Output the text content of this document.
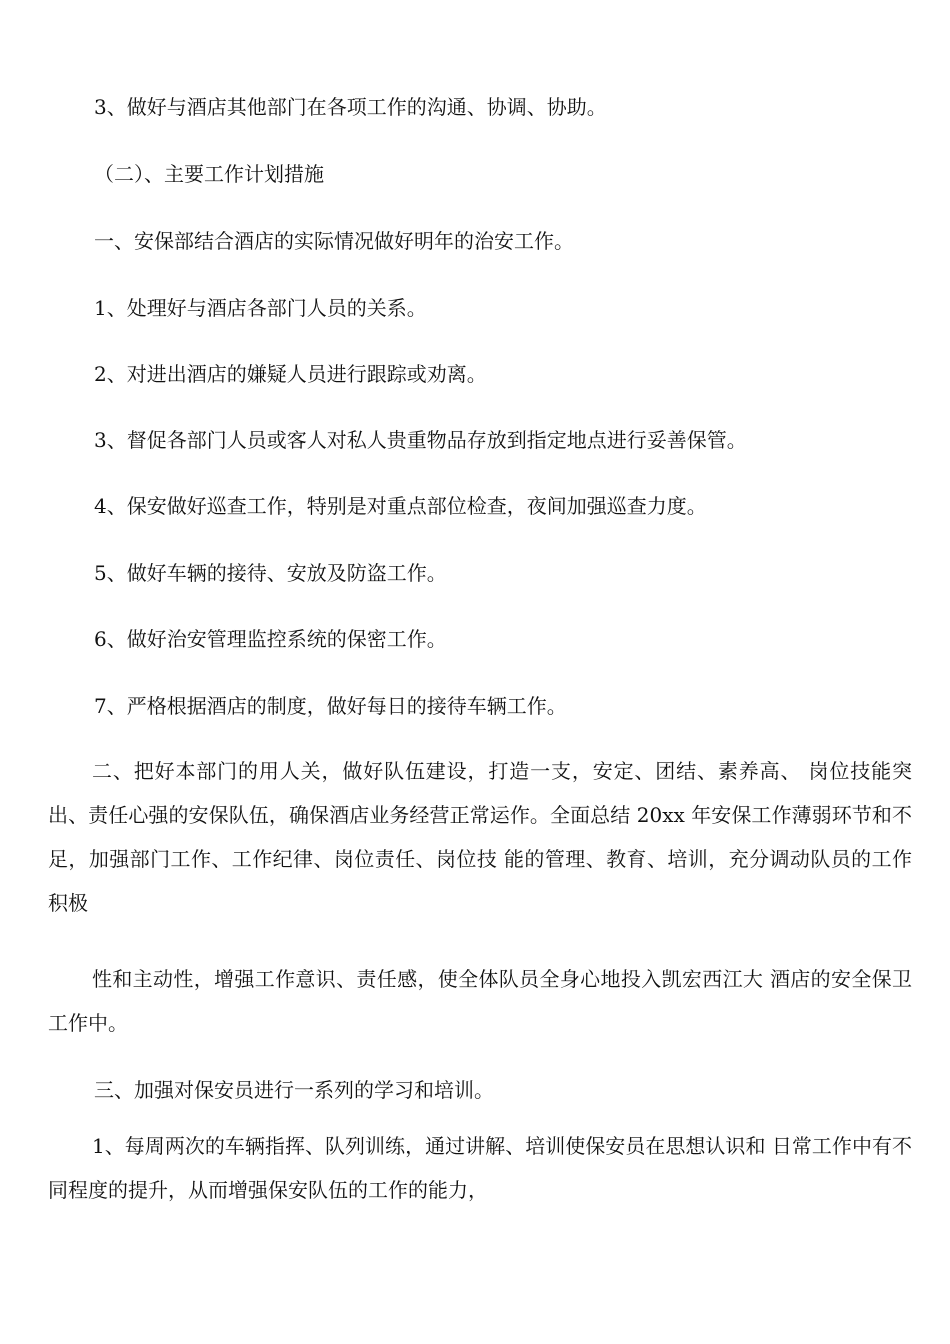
3、做好与酒店其他部门在各项工作的沟通、协调、协助。
（二）、主要工作计划措施
一、安保部结合酒店的实际情况做好明年的治安工作。
1、处理好与酒店各部门人员的关系。
2、对进出酒店的嫌疑人员进行跟踪或劝离。
3、督促各部门人员或客人对私人贵重物品存放到指定地点进行妥善保管。
4、保安做好巡查工作，特别是对重点部位检查，夜间加强巡查力度。
5、做好车辆的接待、安放及防盗工作。
6、做好治安管理监控系统的保密工作。
7、严格根据酒店的制度，做好每日的接待车辆工作。
二、把好本部门的用人关，做好队伍建设，打造一支，安定、团结、素养高、 岗位技能突出、责任心强的安保队伍，确保酒店业务经营正常运作。全面总结 20xx 年安保工作薄弱环节和不足，加强部门工作、工作纪律、岗位责任、岗位技 能的管理、教育、培训，充分调动队员的工作积极
性和主动性，增强工作意识、责任感，使全体队员全身心地投入凯宏西江大 酒店的安全保卫工作中。
三、加强对保安员进行一系列的学习和培训。
1、每周两次的车辆指挥、队列训练，通过讲解、培训使保安员在思想认识和 日常工作中有不同程度的提升，从而增强保安队伍的工作的能力，
